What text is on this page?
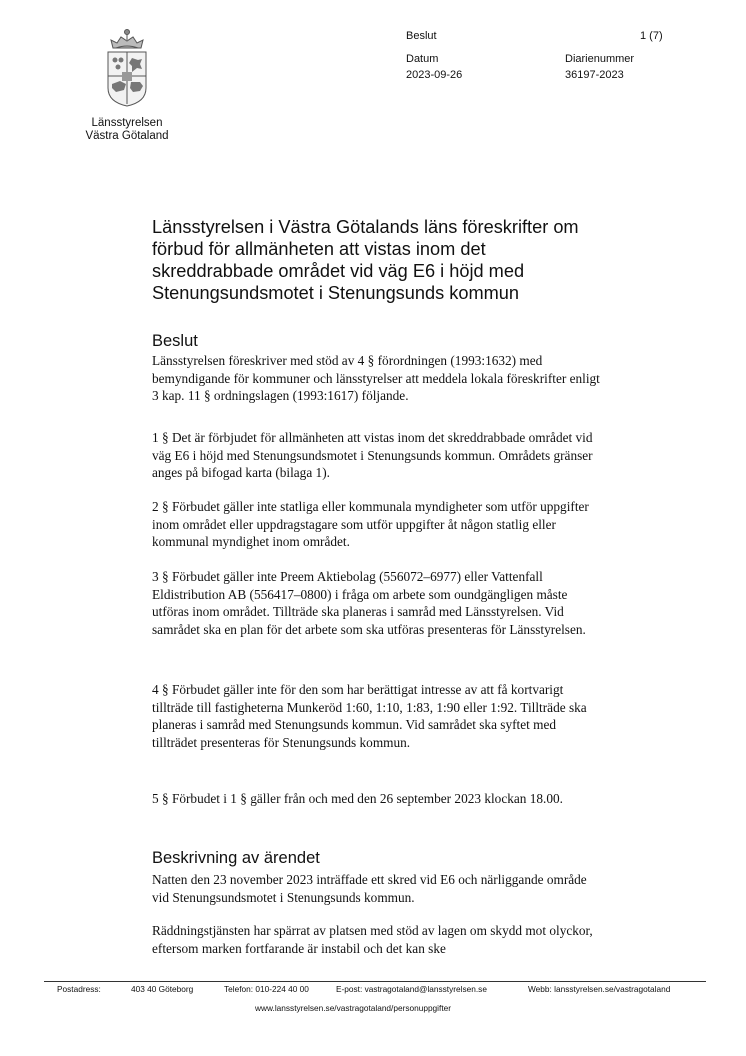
Länsstyrelsen
Västra Götaland
Beslut	1 (7)
Datum
2023-09-26
Diarienummer
36197-2023
Länsstyrelsen i Västra Götalands läns föreskrifter om förbud för allmänheten att vistas inom det skreddrabbade området vid väg E6 i höjd med Stenungsundsmotet i Stenungsunds kommun
Beslut

Länsstyrelsen föreskriver med stöd av 4 § förordningen (1993:1632) med bemyndigande för kommuner och länsstyrelser att meddela lokala föreskrifter enligt 3 kap. 11 § ordningslagen (1993:1617) följande.

1 § Det är förbjudet för allmänheten att vistas inom det skreddrabbade området vid väg E6 i höjd med Stenungsundsmotet i Stenungsunds kommun. Områdets gränser anges på bifogad karta (bilaga 1).

2 § Förbudet gäller inte statliga eller kommunala myndigheter som utför uppgifter inom området eller uppdragstagare som utför uppgifter åt någon statlig eller kommunal myndighet inom området.

3 § Förbudet gäller inte Preem Aktiebolag (556072–6977) eller Vattenfall Eldistribution AB (556417–0800) i fråga om arbete som oundgängligen måste utföras inom området. Tillträde ska planeras i samråd med Länsstyrelsen. Vid samrådet ska en plan för det arbete som ska utföras presenteras för Länsstyrelsen.

4 § Förbudet gäller inte för den som har berättigat intresse av att få kortvarigt tillträde till fastigheterna Munkeröd 1:60, 1:10, 1:83, 1:90 eller 1:92. Tillträde ska planeras i samråd med Stenungsunds kommun. Vid samrådet ska syftet med tillträdet presenteras för Stenungsunds kommun.

5 § Förbudet i 1 § gäller från och med den 26 september 2023 klockan 18.00.

Beskrivning av ärendet

Natten den 23 november 2023 inträffade ett skred vid E6 och närliggande område vid Stenungsundsmotet i Stenungsunds kommun.

Räddningstjänsten har spärrat av platsen med stöd av lagen om skydd mot olyckor, eftersom marken fortfarande är instabil och det kan ske

Postadress:	403 40 Göteborg	Telefon: 010-224 40 00	E-post: vastragotaland@lansstyrelsen.se	Webb: lansstyrelsen.se/vastragotaland
www.lansstyrelsen.se/vastragotaland/personuppgifter
